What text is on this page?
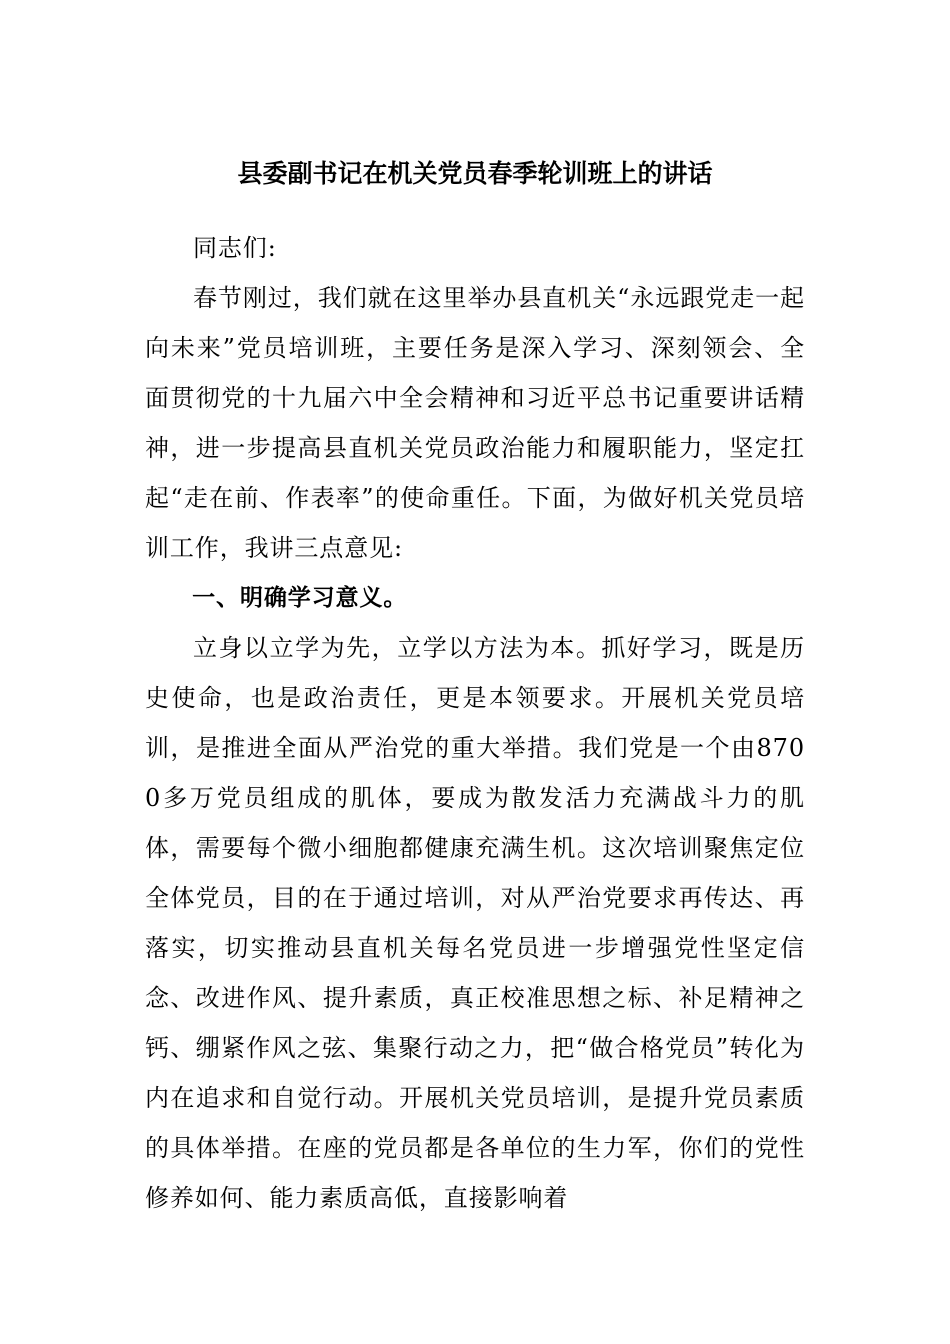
县委副书记在机关党员春季轮训班上的讲话

同志们:

春节刚过，我们就在这里举办县直机关“永远跟党走一起向未来”党员培训班，主要任务是深入学习、深刻领会、全面贯彻党的十九届六中全会精神和习近平总书记重要讲话精神，进一步提高县直机关党员政治能力和履职能力，坚定扛起“走在前、作表率”的使命重任。下面，为做好机关党员培训工作，我讲三点意见:

一、明确学习意义。

立身以立学为先，立学以方法为本。抓好学习，既是历史使命，也是政治责任，更是本领要求。开展机关党员培训，是推进全面从严治党的重大举措。我们党是一个由8700多万党员组成的肌体，要成为散发活力充满战斗力的肌体，需要每个微小细胞都健康充满生机。这次培训聚焦定位全体党员，目的在于通过培训，对从严治党要求再传达、再落实，切实推动县直机关每名党员进一步增强党性坚定信念、改进作风、提升素质，真正校准思想之标、补足精神之钙、绷紧作风之弦、集聚行动之力，把“做合格党员”转化为内在追求和自觉行动。开展机关党员培训，是提升党员素质的具体举措。在座的党员都是各单位的生力军，你们的党性修养如何、能力素质高低，直接影响着
